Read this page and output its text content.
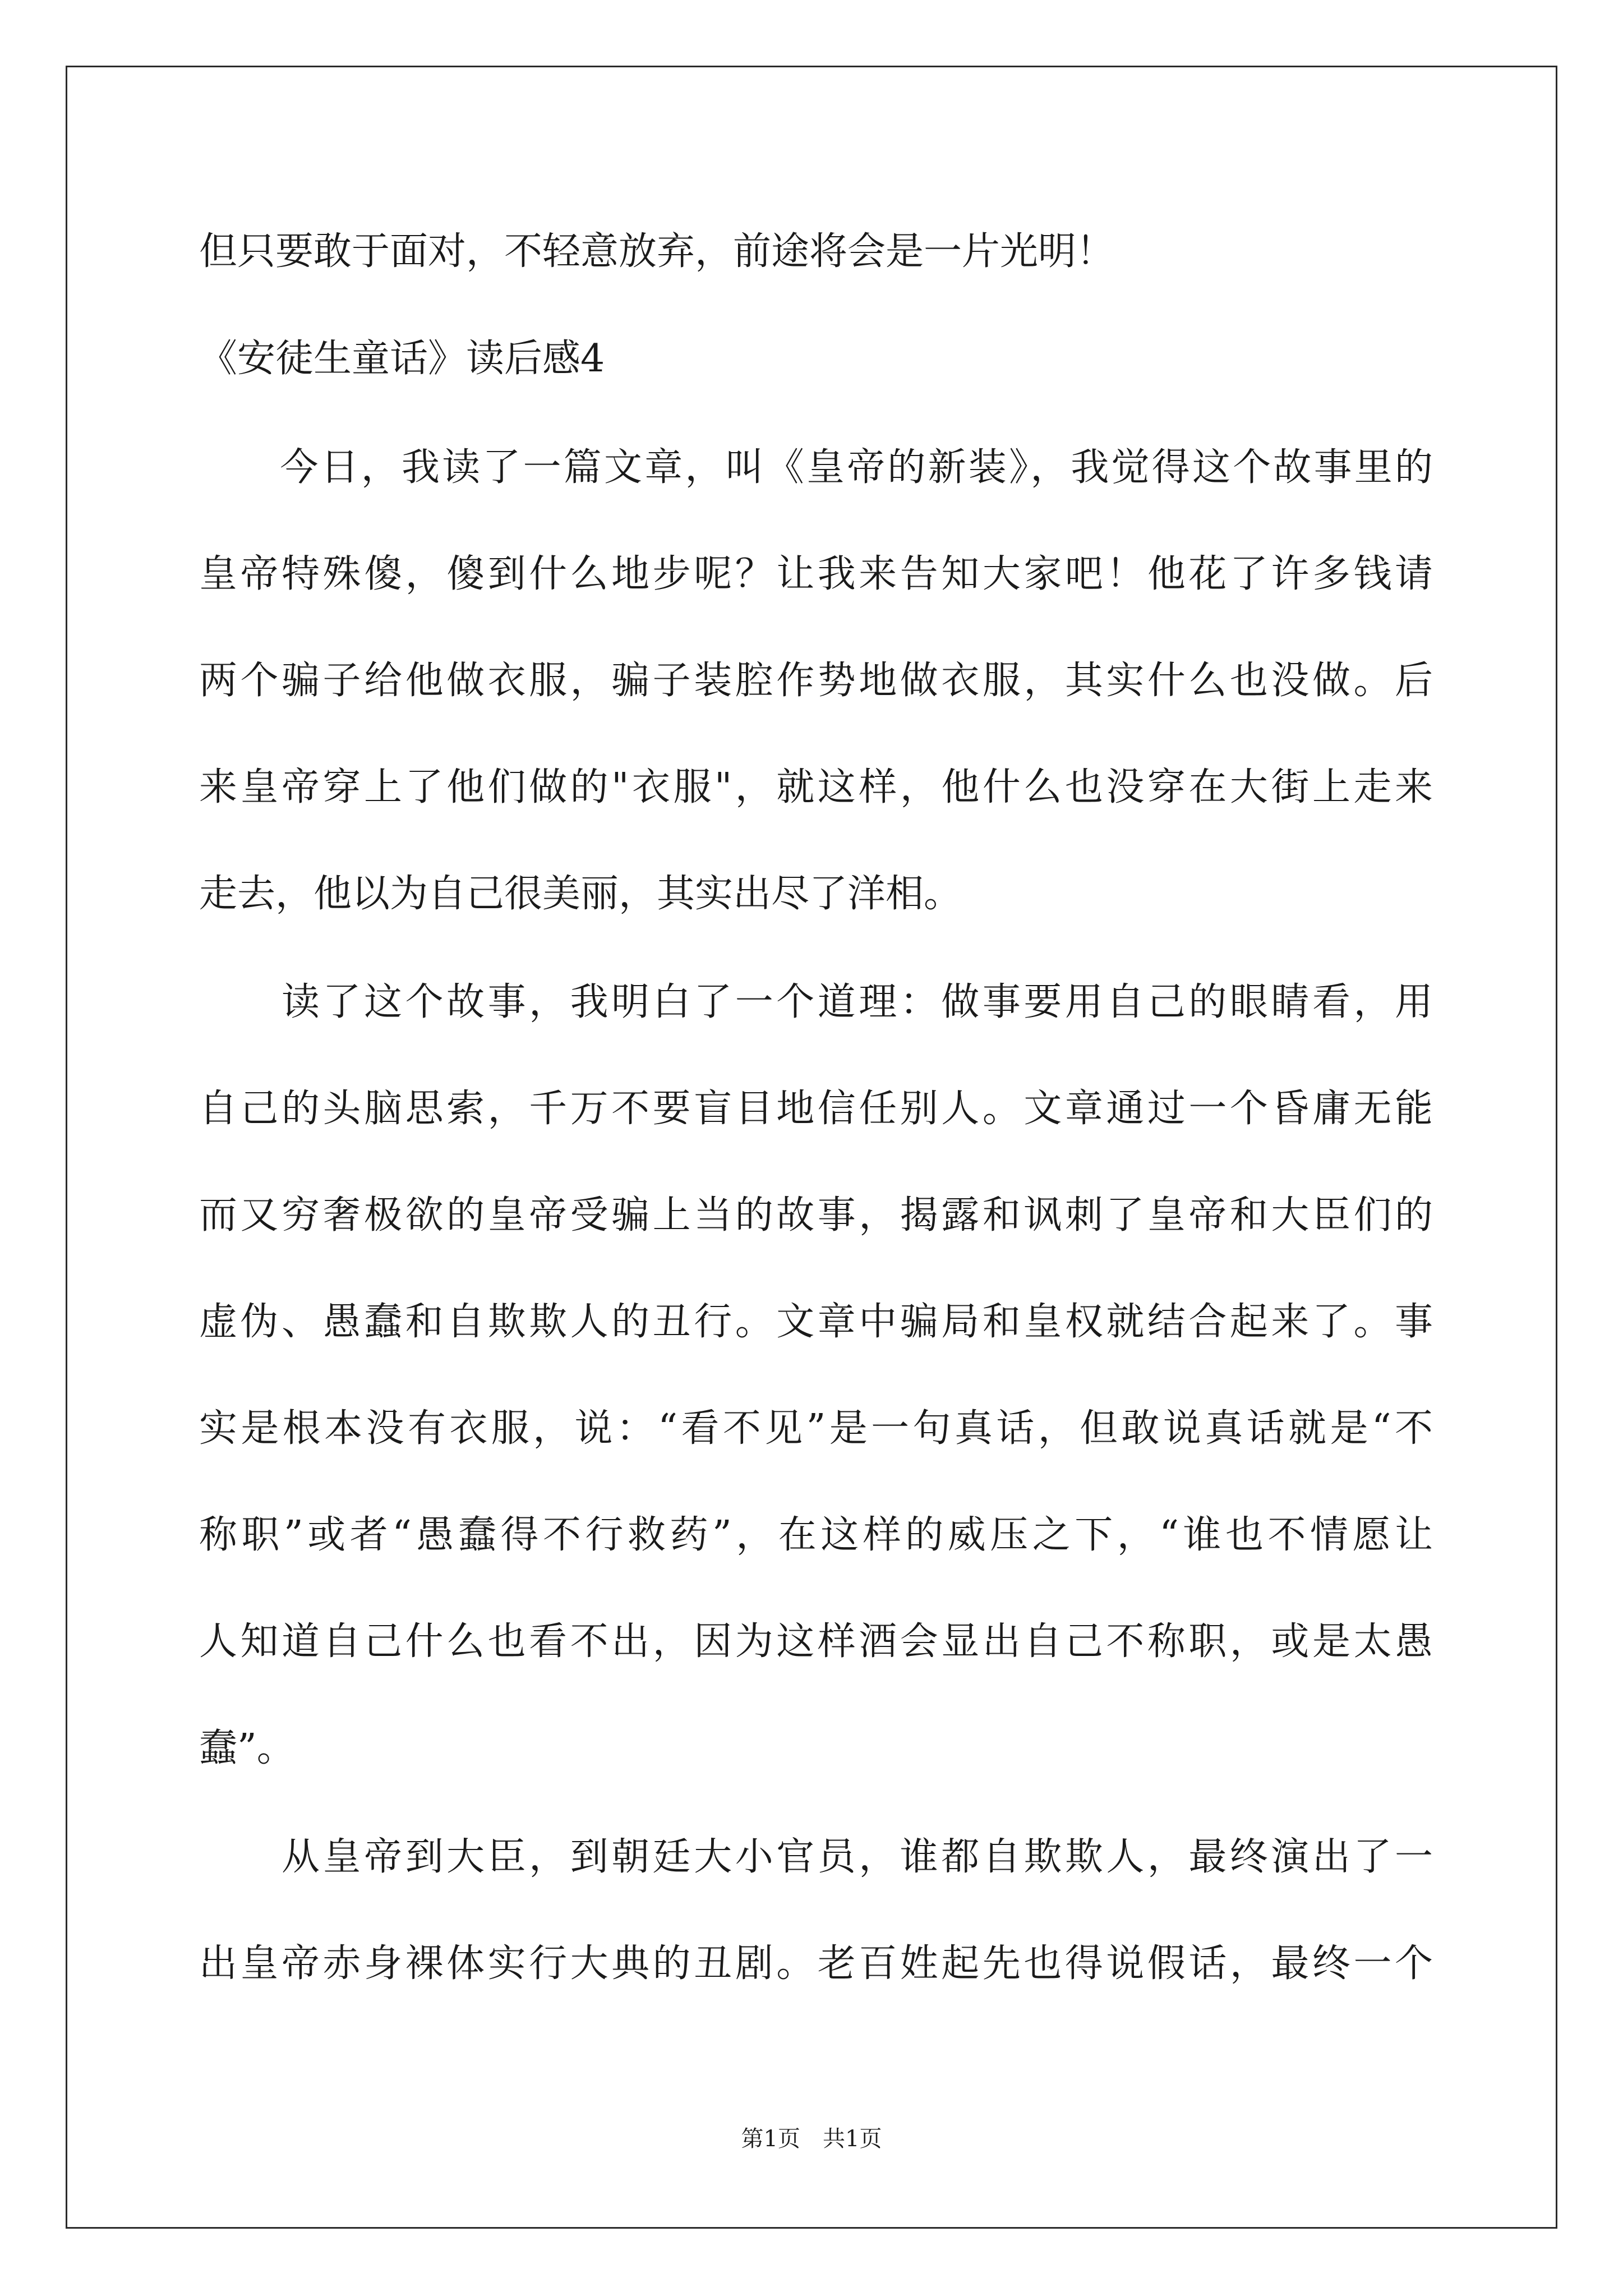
但只要敢于面对，不轻意放弃，前途将会是一片光明！
《安徒生童话》读后感4
　　今日，我读了一篇文章，叫《皇帝的新装》，我觉得这个故事里的
皇帝特殊傻，傻到什么地步呢？让我来告知大家吧！他花了许多钱请
两个骗子给他做衣服，骗子装腔作势地做衣服，其实什么也没做。后
来皇帝穿上了他们做的"衣服"，就这样，他什么也没穿在大街上走来
走去，他以为自己很美丽，其实出尽了洋相。
　　读了这个故事，我明白了一个道理：做事要用自己的眼睛看，用
自己的头脑思索，千万不要盲目地信任别人。文章通过一个昏庸无能
而又穷奢极欲的皇帝受骗上当的故事，揭露和讽刺了皇帝和大臣们的
虚伪、愚蠢和自欺欺人的丑行。文章中骗局和皇权就结合起来了。事
实是根本没有衣服，说：“看不见”是一句真话，但敢说真话就是“不
称职”或者“愚蠢得不行救药”，在这样的威压之下，“谁也不情愿让
人知道自己什么也看不出，因为这样酒会显出自己不称职，或是太愚
蠢”。
　　从皇帝到大臣，到朝廷大小官员，谁都自欺欺人，最终演出了一
出皇帝赤身裸体实行大典的丑剧。老百姓起先也得说假话，最终一个
第1页　共1页
